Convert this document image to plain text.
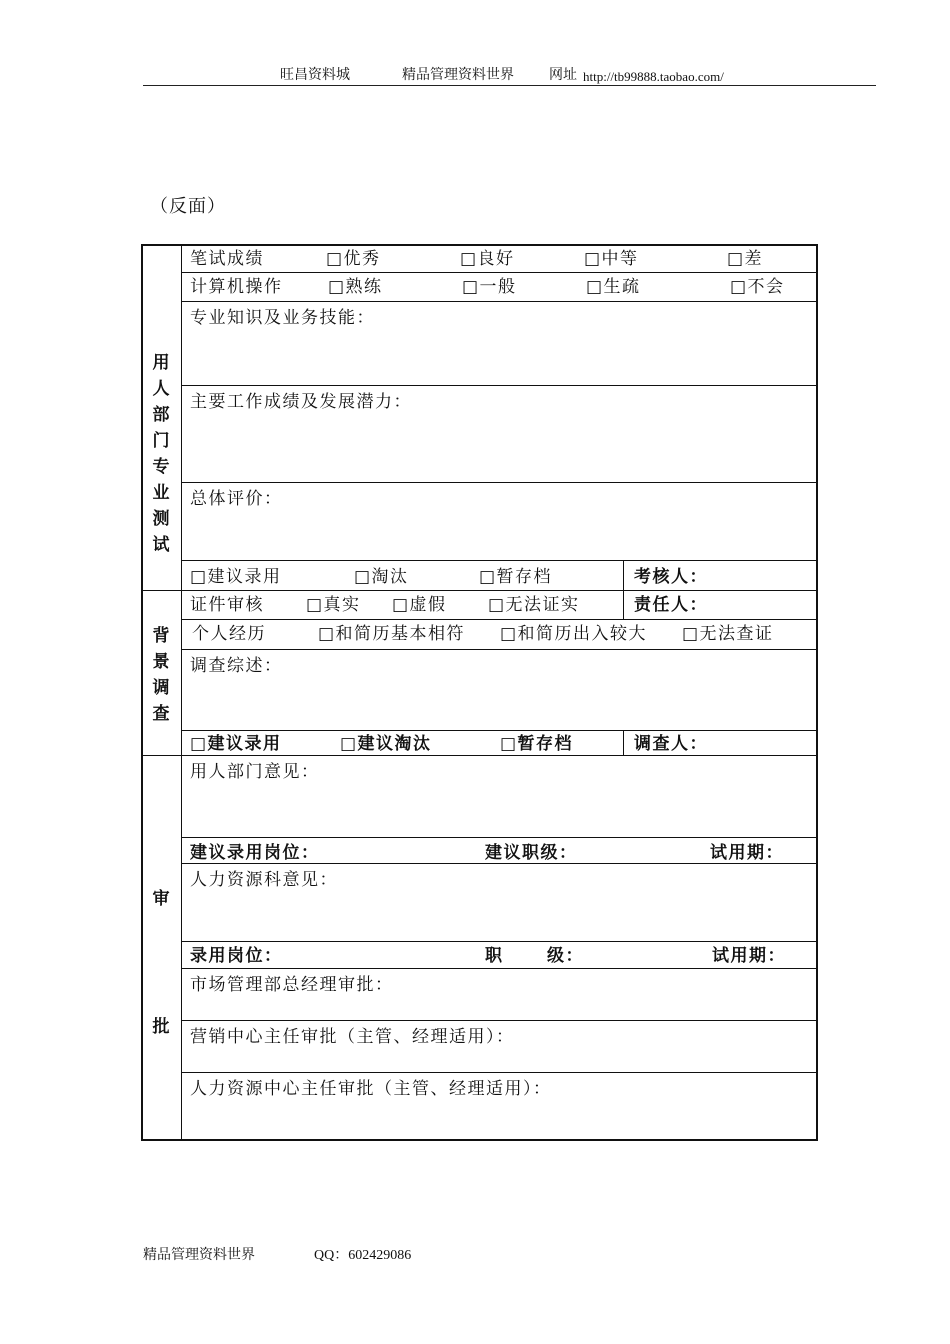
旺昌资料城	精品管理资料世界	网址 http://tb99888.taobao.com/
（反面）
用人部门专业测试
背景调查
审批
笔试成绩	□优秀	□良好	□中等	□差
计算机操作	□熟练	□一般	□生疏	□不会
专业知识及业务技能：
主要工作成绩及发展潜力：
总体评价：
□建议录用	□淘汰	□暂存档	考核人：
证件审核 □真实 □虚假 □无法证实	责任人：
个人经历	□和简历基本相符 □和简历出入较大 □无法查证
调查综述：
□建议录用	□建议淘汰	□暂存档	调查人：
用人部门意见：
建议录用岗位：	建议职级：	试用期：
人力资源科意见：
录用岗位：	职	级：	试用期：
市场管理部总经理审批：
营销中心主任审批（主管、经理适用）：
人力资源中心主任审批（主管、经理适用）：
精品管理资料世界	QQ：602429086
